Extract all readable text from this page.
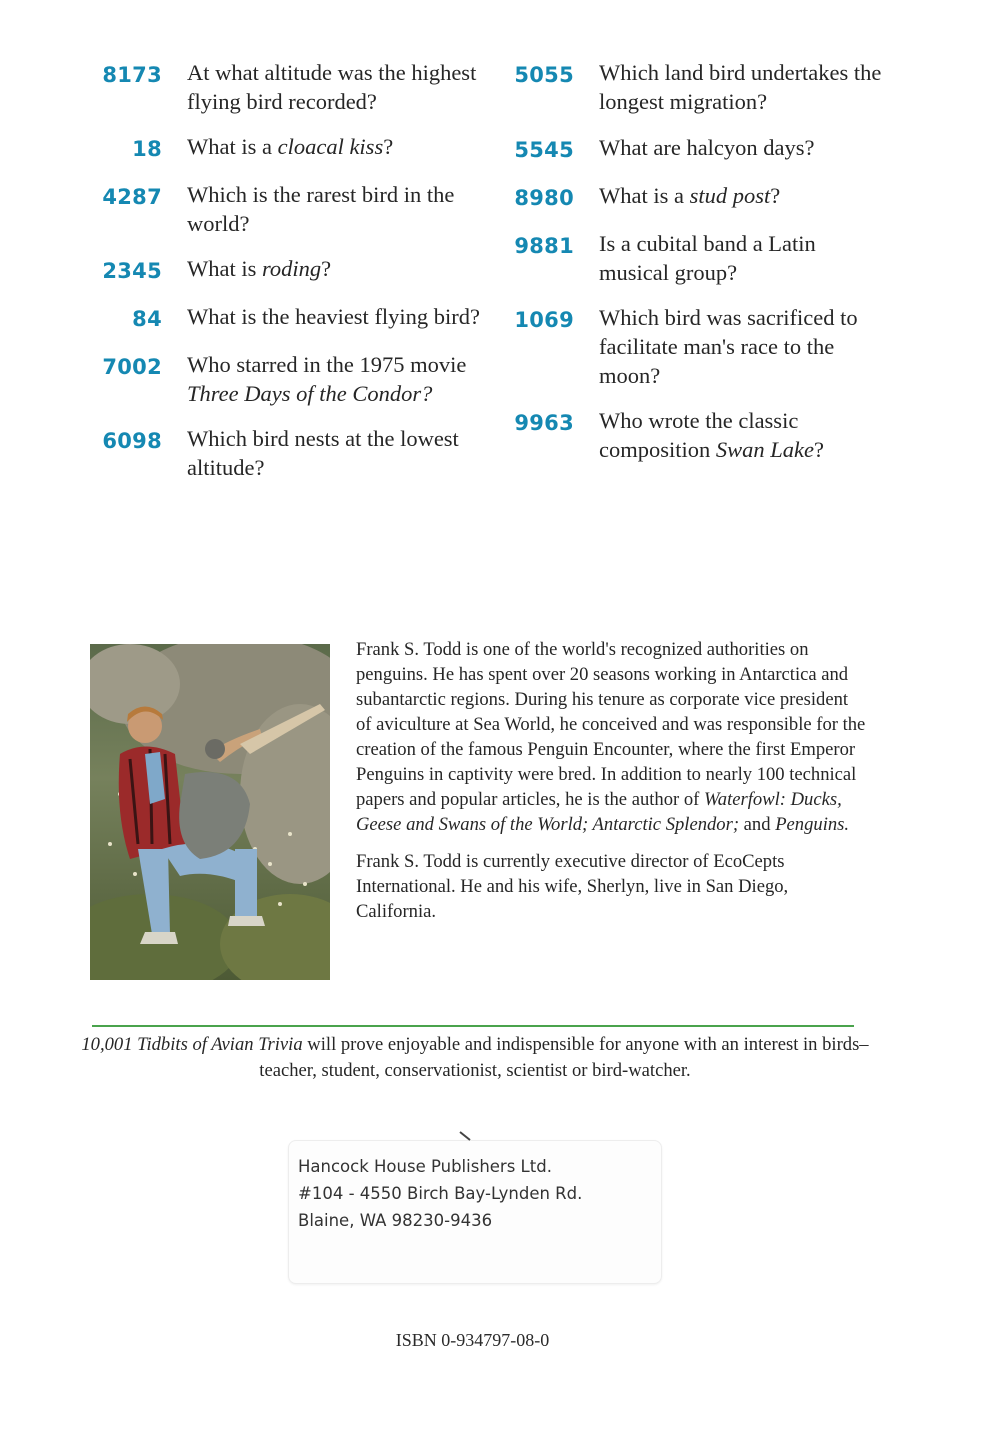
8173	At what altitude was the highest flying bird recorded?
18	What is a cloacal kiss?
4287	Which is the rarest bird in the world?
2345	What is roding?
84	What is the heaviest flying bird?
7002	Who starred in the 1975 movie Three Days of the Condor?
6098	Which bird nests at the lowest altitude?
5055	Which land bird undertakes the longest migration?
5545	What are halcyon days?
8980	What is a stud post?
9881	Is a cubital band a Latin musical group?
1069	Which bird was sacrificed to facilitate man's race to the moon?
9963	Who wrote the classic composition Swan Lake?

Frank S. Todd is one of the world's recognized authorities on penguins. He has spent over 20 seasons working in Antarctica and subantarctic regions. During his tenure as corporate vice president of aviculture at Sea World, he conceived and was responsible for the creation of the famous Penguin Encounter, where the first Emperor Penguins in captivity were bred. In addition to nearly 100 technical papers and popular articles, he is the author of Waterfowl: Ducks, Geese and Swans of the World; Antarctic Splendor; and Penguins.

Frank S. Todd is currently executive director of EcoCepts International. He and his wife, Sherlyn, live in San Diego, California.

10,001 Tidbits of Avian Trivia will prove enjoyable and indispensible for anyone with an interest in birds– teacher, student, conservationist, scientist or bird-watcher.
Hancock House Publishers Ltd.
#104 - 4550 Birch Bay-Lynden Rd.
Blaine, WA 98230-9436
ISBN 0-934797-08-0
